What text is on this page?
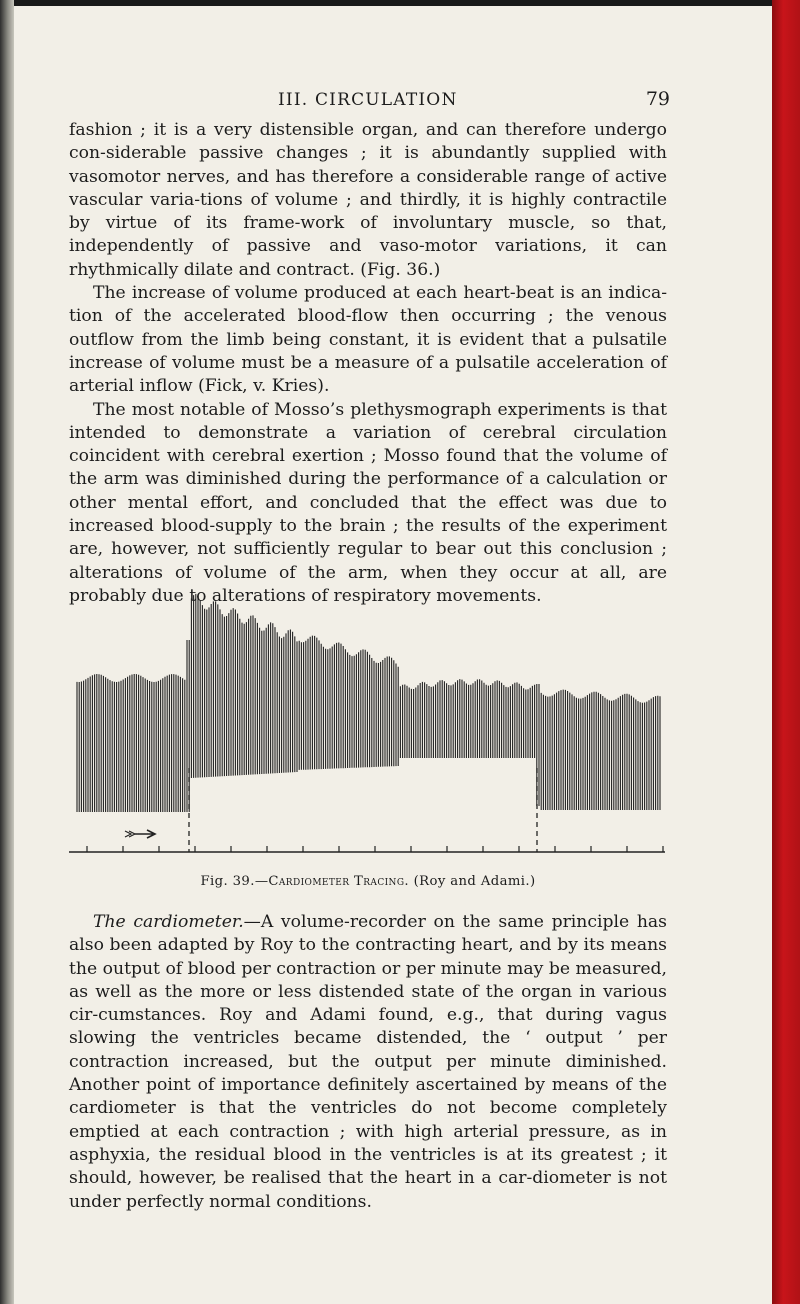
III. CIRCULATION	79

fashion ; it is a very distensible organ, and can therefore undergo con-siderable passive changes ; it is abundantly supplied with vasomotor nerves, and has therefore a considerable range of active vascular varia-tions of volume ; and thirdly, it is highly contractile by virtue of its frame-work of involuntary muscle, so that, independently of passive and vaso-motor variations, it can rhythmically dilate and contract. (Fig. 36.)

The increase of volume produced at each heart-beat is an indica-tion of the accelerated blood-flow then occurring ; the venous outflow from the limb being constant, it is evident that a pulsatile increase of volume must be a measure of a pulsatile acceleration of arterial inflow (Fick, v. Kries).

The most notable of Mosso’s plethysmograph experiments is that intended to demonstrate a variation of cerebral circulation coincident with cerebral exertion ; Mosso found that the volume of the arm was diminished during the performance of a calculation or other mental effort, and concluded that the effect was due to increased blood-supply to the brain ; the results of the experiment are, however, not sufficiently regular to bear out this conclusion ; alterations of volume of the arm, when they occur at all, are probably due to alterations of respiratory movements.

Fig. 39.—Cardiometer Tracing. (Roy and Adami.)

The cardiometer.—A volume-recorder on the same principle has also been adapted by Roy to the contracting heart, and by its means the output of blood per contraction or per minute may be measured, as well as the more or less distended state of the organ in various cir-cumstances. Roy and Adami found, e.g., that during vagus slowing the ventricles became distended, the ‘ output ’ per contraction increased, but the output per minute diminished. Another point of importance definitely ascertained by means of the cardiometer is that the ventricles do not become completely emptied at each contraction ; with high arterial pressure, as in asphyxia, the residual blood in the ventricles is at its greatest ; it should, however, be realised that the heart in a car-diometer is not under perfectly normal conditions.
